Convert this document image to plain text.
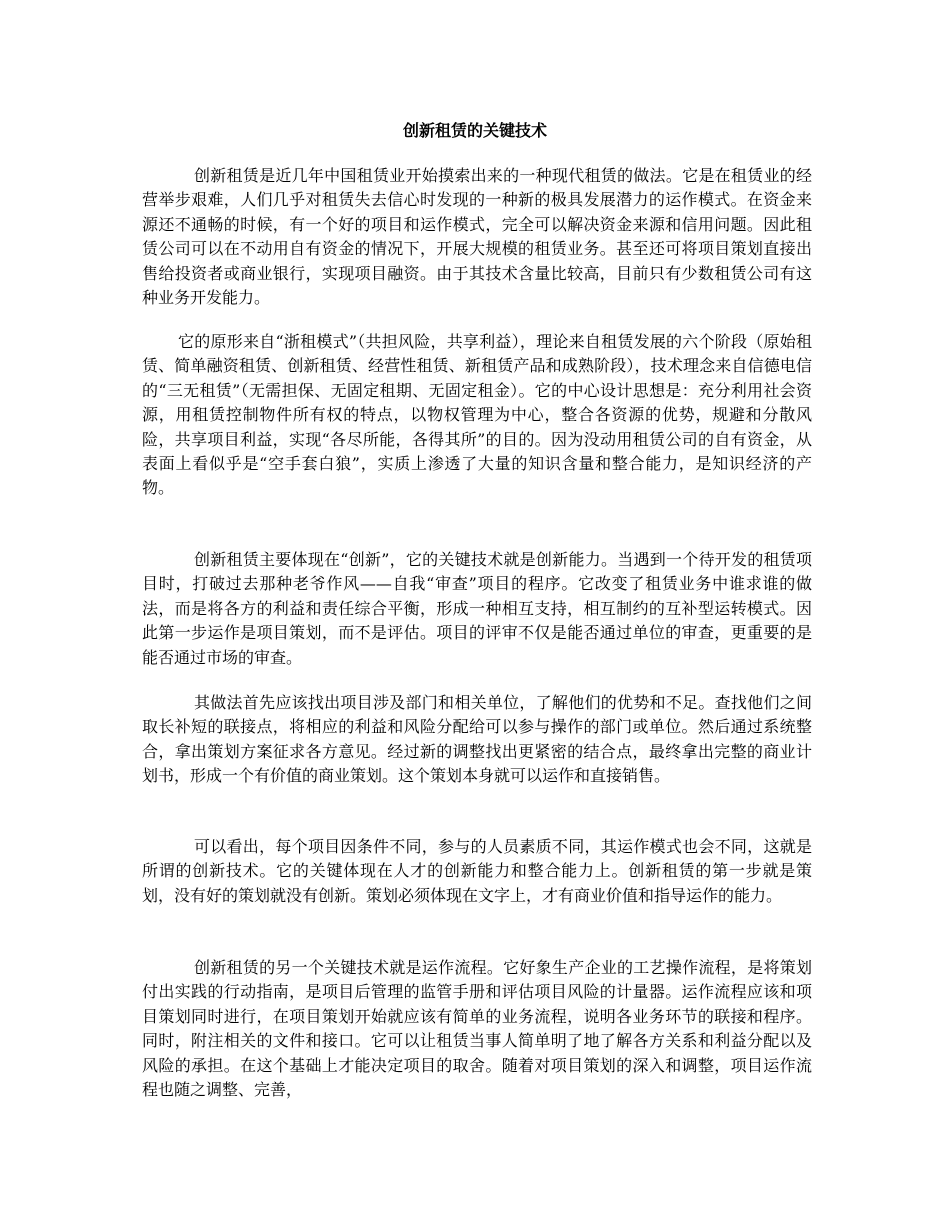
创新租赁的关键技术

创新租赁是近几年中国租赁业开始摸索出来的一种现代租赁的做法。它是在租赁业的经营举步艰难，人们几乎对租赁失去信心时发现的一种新的极具发展潜力的运作模式。在资金来源还不通畅的时候，有一个好的项目和运作模式，完全可以解决资金来源和信用问题。因此租赁公司可以在不动用自有资金的情况下，开展大规模的租赁业务。甚至还可将项目策划直接出售给投资者或商业银行，实现项目融资。由于其技术含量比较高，目前只有少数租赁公司有这种业务开发能力。

它的原形来自“浙租模式”（共担风险，共享利益），理论来自租赁发展的六个阶段（原始租赁、简单融资租赁、创新租赁、经营性租赁、新租赁产品和成熟阶段），技术理念来自信德电信的“三无租赁”（无需担保、无固定租期、无固定租金）。它的中心设计思想是：充分利用社会资源，用租赁控制物件所有权的特点，以物权管理为中心，整合各资源的优势，规避和分散风险，共享项目利益，实现“各尽所能，各得其所”的目的。因为没动用租赁公司的自有资金，从表面上看似乎是“空手套白狼”，实质上渗透了大量的知识含量和整合能力，是知识经济的产物。

创新租赁主要体现在“创新”，它的关键技术就是创新能力。当遇到一个待开发的租赁项目时，打破过去那种老爷作风——自我“审查”项目的程序。它改变了租赁业务中谁求谁的做法，而是将各方的利益和责任综合平衡，形成一种相互支持，相互制约的互补型运转模式。因此第一步运作是项目策划，而不是评估。项目的评审不仅是能否通过单位的审查，更重要的是能否通过市场的审查。

其做法首先应该找出项目涉及部门和相关单位，了解他们的优势和不足。查找他们之间取长补短的联接点，将相应的利益和风险分配给可以参与操作的部门或单位。然后通过系统整合，拿出策划方案征求各方意见。经过新的调整找出更紧密的结合点，最终拿出完整的商业计划书，形成一个有价值的商业策划。这个策划本身就可以运作和直接销售。

可以看出，每个项目因条件不同，参与的人员素质不同，其运作模式也会不同，这就是所谓的创新技术。它的关键体现在人才的创新能力和整合能力上。创新租赁的第一步就是策划，没有好的策划就没有创新。策划必须体现在文字上，才有商业价值和指导运作的能力。

创新租赁的另一个关键技术就是运作流程。它好象生产企业的工艺操作流程，是将策划付出实践的行动指南，是项目后管理的监管手册和评估项目风险的计量器。运作流程应该和项目策划同时进行，在项目策划开始就应该有简单的业务流程，说明各业务环节的联接和程序。同时，附注相关的文件和接口。它可以让租赁当事人简单明了地了解各方关系和利益分配以及风险的承担。在这个基础上才能决定项目的取舍。随着对项目策划的深入和调整，项目运作流程也随之调整、完善，
